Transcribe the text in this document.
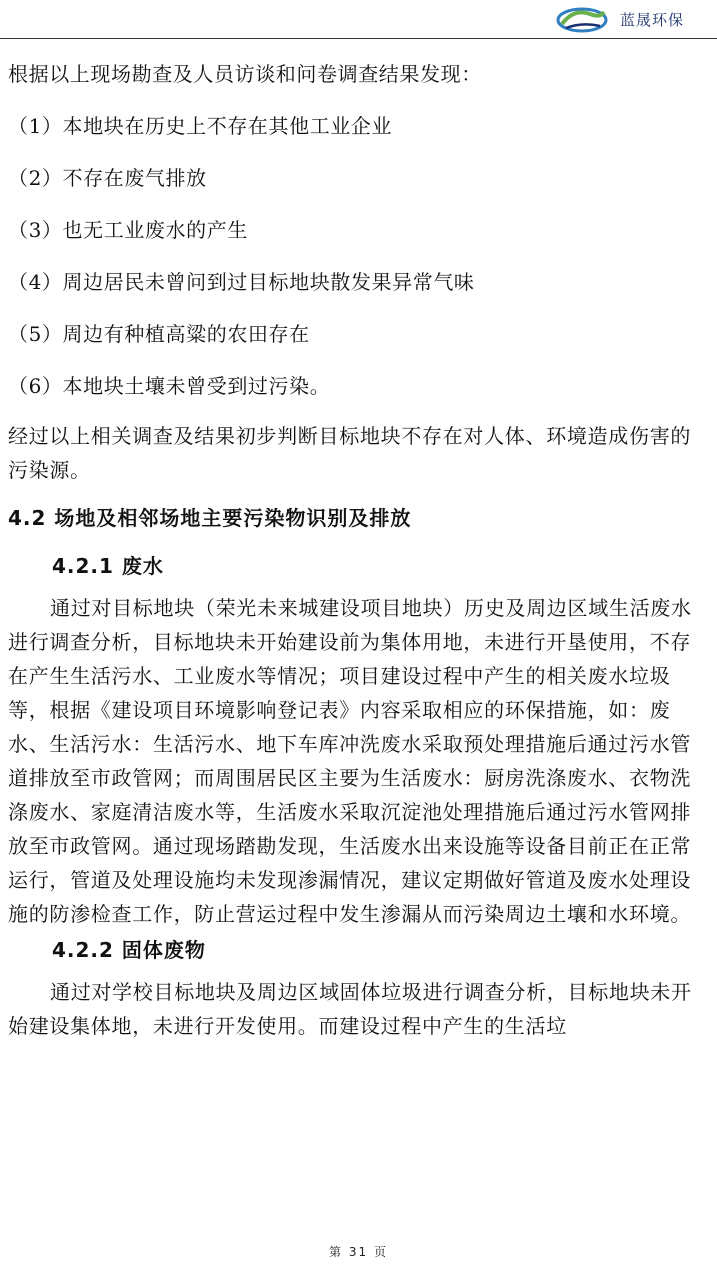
蓝晟环保
根据以上现场勘查及人员访谈和问卷调查结果发现：
（1）本地块在历史上不存在其他工业企业
（2）不存在废气排放
（3）也无工业废水的产生
（4）周边居民未曾问到过目标地块散发果异常气味
（5）周边有种植高粱的农田存在
（6）本地块土壤未曾受到过污染。
经过以上相关调查及结果初步判断目标地块不存在对人体、环境造成伤害的污染源。
4.2 场地及相邻场地主要污染物识别及排放
4.2.1 废水
通过对目标地块（荣光未来城建设项目地块）历史及周边区域生活废水进行调查分析，目标地块未开始建设前为集体用地，未进行开垦使用，不存在产生生活污水、工业废水等情况；项目建设过程中产生的相关废水垃圾等，根据《建设项目环境影响登记表》内容采取相应的环保措施，如：废水、生活污水：生活污水、地下车库冲洗废水采取预处理措施后通过污水管道排放至市政管网；而周围居民区主要为生活废水：厨房洗涤废水、衣物洗涤废水、家庭清洁废水等，生活废水采取沉淀池处理措施后通过污水管网排放至市政管网。通过现场踏勘发现，生活废水出来设施等设备目前正在正常运行，管道及处理设施均未发现渗漏情况，建议定期做好管道及废水处理设施的防渗检查工作，防止营运过程中发生渗漏从而污染周边土壤和水环境。
4.2.2 固体废物
通过对学校目标地块及周边区域固体垃圾进行调查分析，目标地块未开始建设集体地，未进行开发使用。而建设过程中产生的生活垃
第 31 页
